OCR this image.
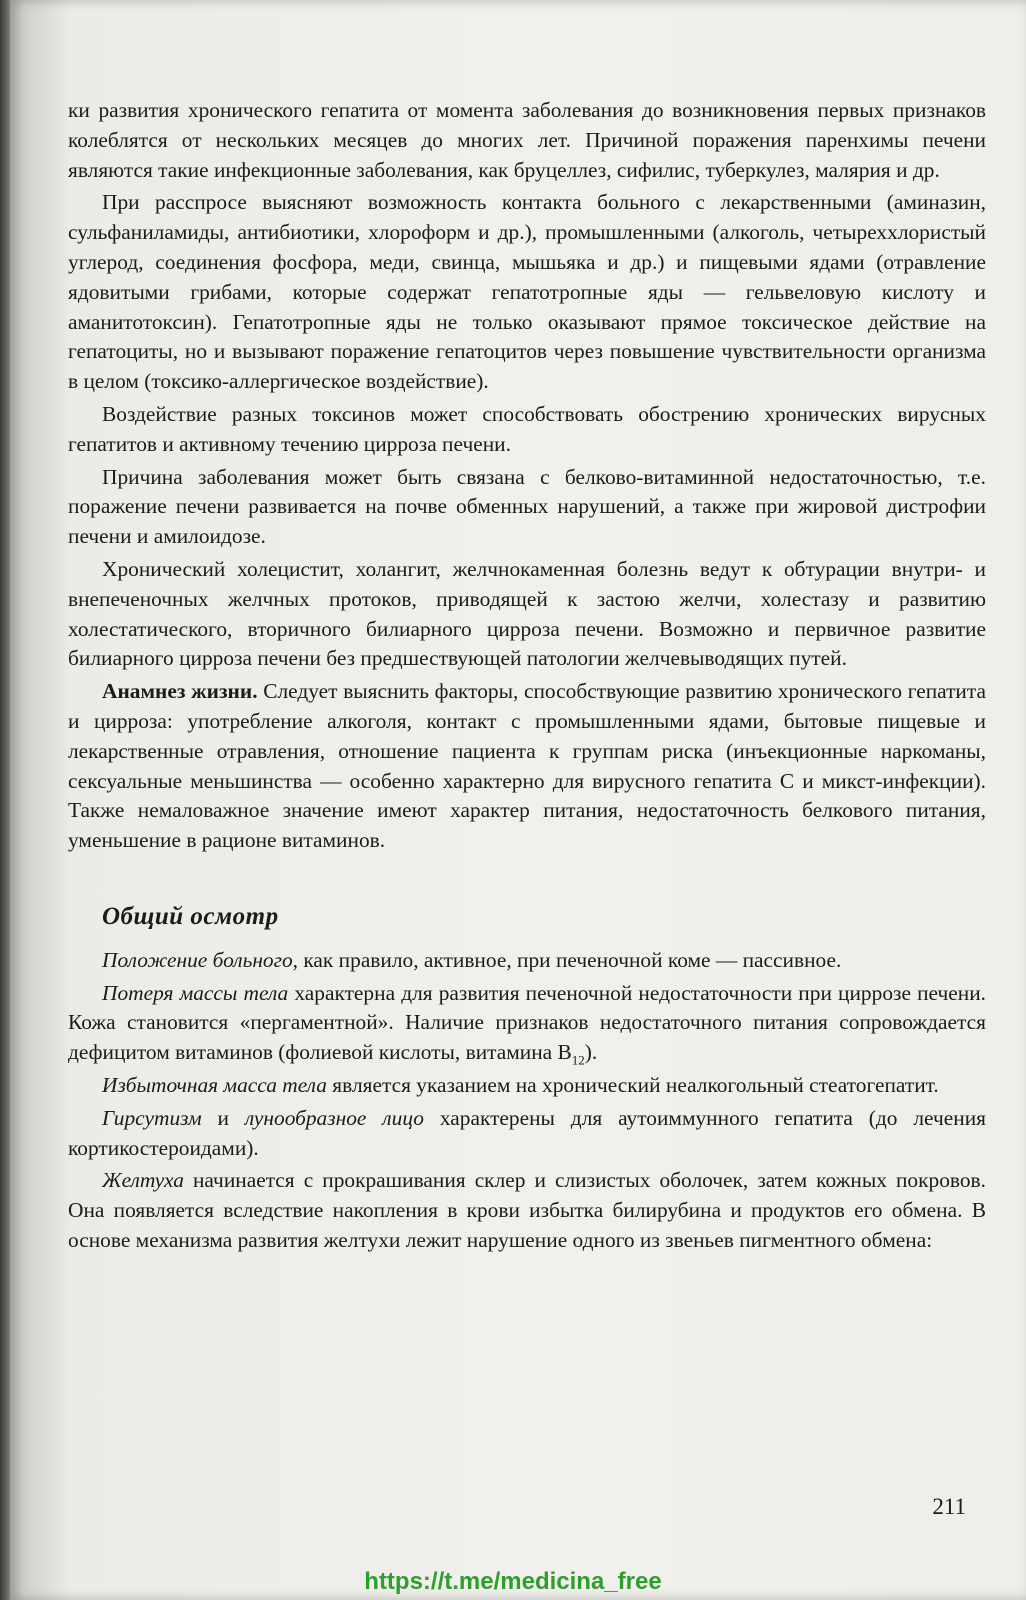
ки развития хронического гепатита от момента заболевания до возникновения первых признаков колеблятся от нескольких месяцев до многих лет. Причиной поражения паренхимы печени являются такие инфекционные заболевания, как бруцеллез, сифилис, туберкулез, малярия и др.

При расспросе выясняют возможность контакта больного с лекарственными (аминазин, сульфаниламиды, антибиотики, хлороформ и др.), промышленными (алкоголь, четыреххлористый углерод, соединения фосфора, меди, свинца, мышьяка и др.) и пищевыми ядами (отравление ядовитыми грибами, которые содержат гепатотропные яды — гельвеловую кислоту и аманитотоксин). Гепатотропные яды не только оказывают прямое токсическое действие на гепатоциты, но и вызывают поражение гепатоцитов через повышение чувствительности организма в целом (токсико-аллергическое воздействие).

Воздействие разных токсинов может способствовать обострению хронических вирусных гепатитов и активному течению цирроза печени.

Причина заболевания может быть связана с белково-витаминной недостаточностью, т.е. поражение печени развивается на почве обменных нарушений, а также при жировой дистрофии печени и амилоидозе.

Хронический холецистит, холангит, желчнокаменная болезнь ведут к обтурации внутри- и внепеченочных желчных протоков, приводящей к застою желчи, холестазу и развитию холестатического, вторичного билиарного цирроза печени. Возможно и первичное развитие билиарного цирроза печени без предшествующей патологии желчевыводящих путей.

Анамнез жизни. Следует выяснить факторы, способствующие развитию хронического гепатита и цирроза: употребление алкоголя, контакт с промышленными ядами, бытовые пищевые и лекарственные отравления, отношение пациента к группам риска (инъекционные наркоманы, сексуальные меньшинства — особенно характерно для вирусного гепатита С и микст-инфекции). Также немаловажное значение имеют характер питания, недостаточность белкового питания, уменьшение в рационе витаминов.

Общий осмотр

Положение больного, как правило, активное, при печеночной коме — пассивное.

Потеря массы тела характерна для развития печеночной недостаточности при циррозе печени. Кожа становится «пергаментной». Наличие признаков недостаточного питания сопровождается дефицитом витаминов (фолиевой кислоты, витамина $B_{12}$).

Избыточная масса тела является указанием на хронический неалкогольный стеатогепатит.

Гирсутизм и лунообразное лицо характерены для аутоиммунного гепатита (до лечения кортикостероидами).

Желтуха начинается с прокрашивания склер и слизистых оболочек, затем кожных покровов. Она появляется вследствие накопления в крови избытка билирубина и продуктов его обмена. В основе механизма развития желтухи лежит нарушение одного из звеньев пигментного обмена:

211
https://t.me/medicina_free
